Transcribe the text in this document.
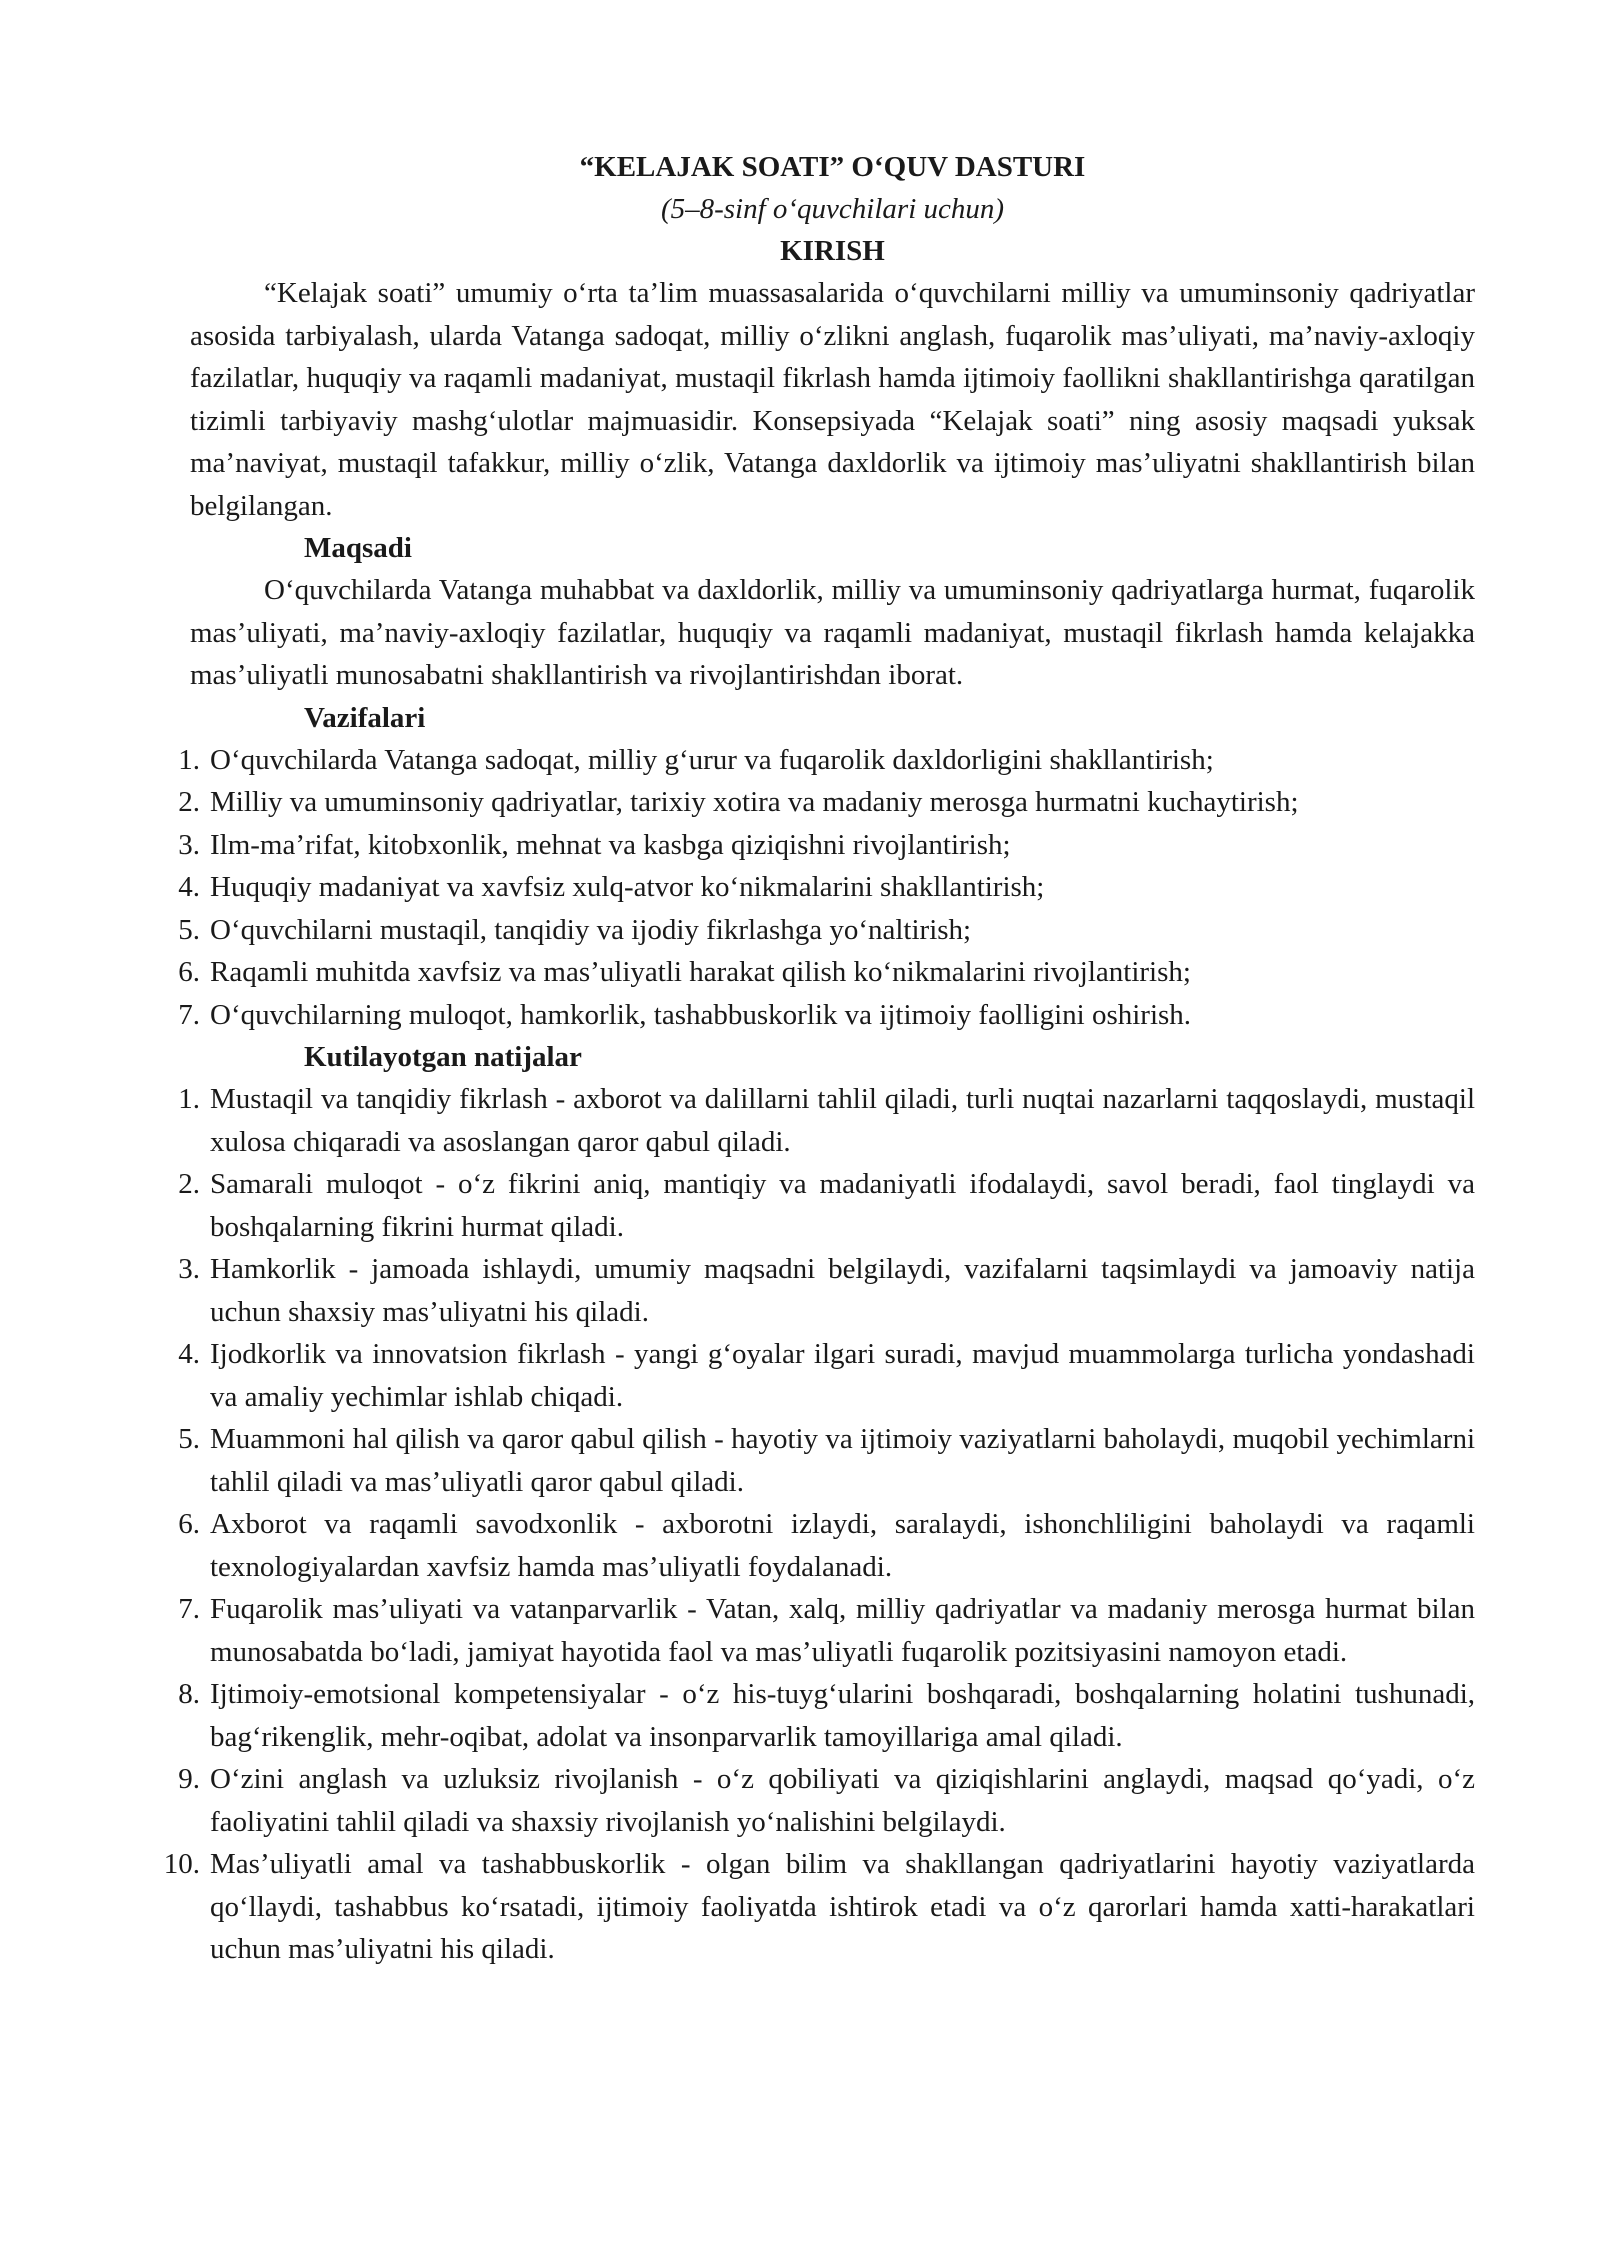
“KELAJAK SOATI” O‘QUV DASTURI

(5–8-sinf o‘quvchilari uchun)

KIRISH

“Kelajak soati” umumiy o‘rta ta’lim muassasalarida o‘quvchilarni milliy va umuminsoniy qadriyatlar asosida tarbiyalash, ularda Vatanga sadoqat, milliy o‘zlikni anglash, fuqarolik mas’uliyati, ma’naviy-axloqiy fazilatlar, huquqiy va raqamli madaniyat, mustaqil fikrlash hamda ijtimoiy faollikni shakllantirishga qaratilgan tizimli tarbiyaviy mashg‘ulotlar majmuasidir. Konsepsiyada “Kelajak soati” ning asosiy maqsadi yuksak ma’naviyat, mustaqil tafakkur, milliy o‘zlik, Vatanga daxldorlik va ijtimoiy mas’uliyatni shakllantirish bilan belgilangan.

Maqsadi

O‘quvchilarda Vatanga muhabbat va daxldorlik, milliy va umuminsoniy qadriyatlarga hurmat, fuqarolik mas’uliyati, ma’naviy-axloqiy fazilatlar, huquqiy va raqamli madaniyat, mustaqil fikrlash hamda kelajakka mas’uliyatli munosabatni shakllantirish va rivojlantirishdan iborat.

Vazifalari

1. O‘quvchilarda Vatanga sadoqat, milliy g‘urur va fuqarolik daxldorligini shakllantirish;
2. Milliy va umuminsoniy qadriyatlar, tarixiy xotira va madaniy merosga hurmatni kuchaytirish;
3. Ilm-ma’rifat, kitobxonlik, mehnat va kasbga qiziqishni rivojlantirish;
4. Huquqiy madaniyat va xavfsiz xulq-atvor ko‘nikmalarini shakllantirish;
5. O‘quvchilarni mustaqil, tanqidiy va ijodiy fikrlashga yo‘naltirish;
6. Raqamli muhitda xavfsiz va mas’uliyatli harakat qilish ko‘nikmalarini rivojlantirish;
7. O‘quvchilarning muloqot, hamkorlik, tashabbuskorlik va ijtimoiy faolligini oshirish.

Kutilayotgan natijalar

1. Mustaqil va tanqidiy fikrlash - axborot va dalillarni tahlil qiladi, turli nuqtai nazarlarni taqqoslaydi, mustaqil xulosa chiqaradi va asoslangan qaror qabul qiladi.
2. Samarali muloqot - o‘z fikrini aniq, mantiqiy va madaniyatli ifodalaydi, savol beradi, faol tinglaydi va boshqalarning fikrini hurmat qiladi.
3. Hamkorlik - jamoada ishlaydi, umumiy maqsadni belgilaydi, vazifalarni taqsimlaydi va jamoaviy natija uchun shaxsiy mas’uliyatni his qiladi.
4. Ijodkorlik va innovatsion fikrlash - yangi g‘oyalar ilgari suradi, mavjud muammolarga turlicha yondashadi va amaliy yechimlar ishlab chiqadi.
5. Muammoni hal qilish va qaror qabul qilish - hayotiy va ijtimoiy vaziyatlarni baholaydi, muqobil yechimlarni tahlil qiladi va mas’uliyatli qaror qabul qiladi.
6. Axborot va raqamli savodxonlik - axborotni izlaydi, saralaydi, ishonchliligini baholaydi va raqamli texnologiyalardan xavfsiz hamda mas’uliyatli foydalanadi.
7. Fuqarolik mas’uliyati va vatanparvarlik - Vatan, xalq, milliy qadriyatlar va madaniy merosga hurmat bilan munosabatda bo‘ladi, jamiyat hayotida faol va mas’uliyatli fuqarolik pozitsiyasini namoyon etadi.
8. Ijtimoiy-emotsional kompetensiyalar - o‘z his-tuyg‘ularini boshqaradi, boshqalarning holatini tushunadi, bag‘rikenglik, mehr-oqibat, adolat va insonparvarlik tamoyillariga amal qiladi.
9. O‘zini anglash va uzluksiz rivojlanish - o‘z qobiliyati va qiziqishlarini anglaydi, maqsad qo‘yadi, o‘z faoliyatini tahlil qiladi va shaxsiy rivojlanish yo‘nalishini belgilaydi.
10. Mas’uliyatli amal va tashabbuskorlik - olgan bilim va shakllangan qadriyatlarini hayotiy vaziyatlarda qo‘llaydi, tashabbus ko‘rsatadi, ijtimoiy faoliyatda ishtirok etadi va o‘z qarorlari hamda xatti-harakatlari uchun mas’uliyatni his qiladi.
